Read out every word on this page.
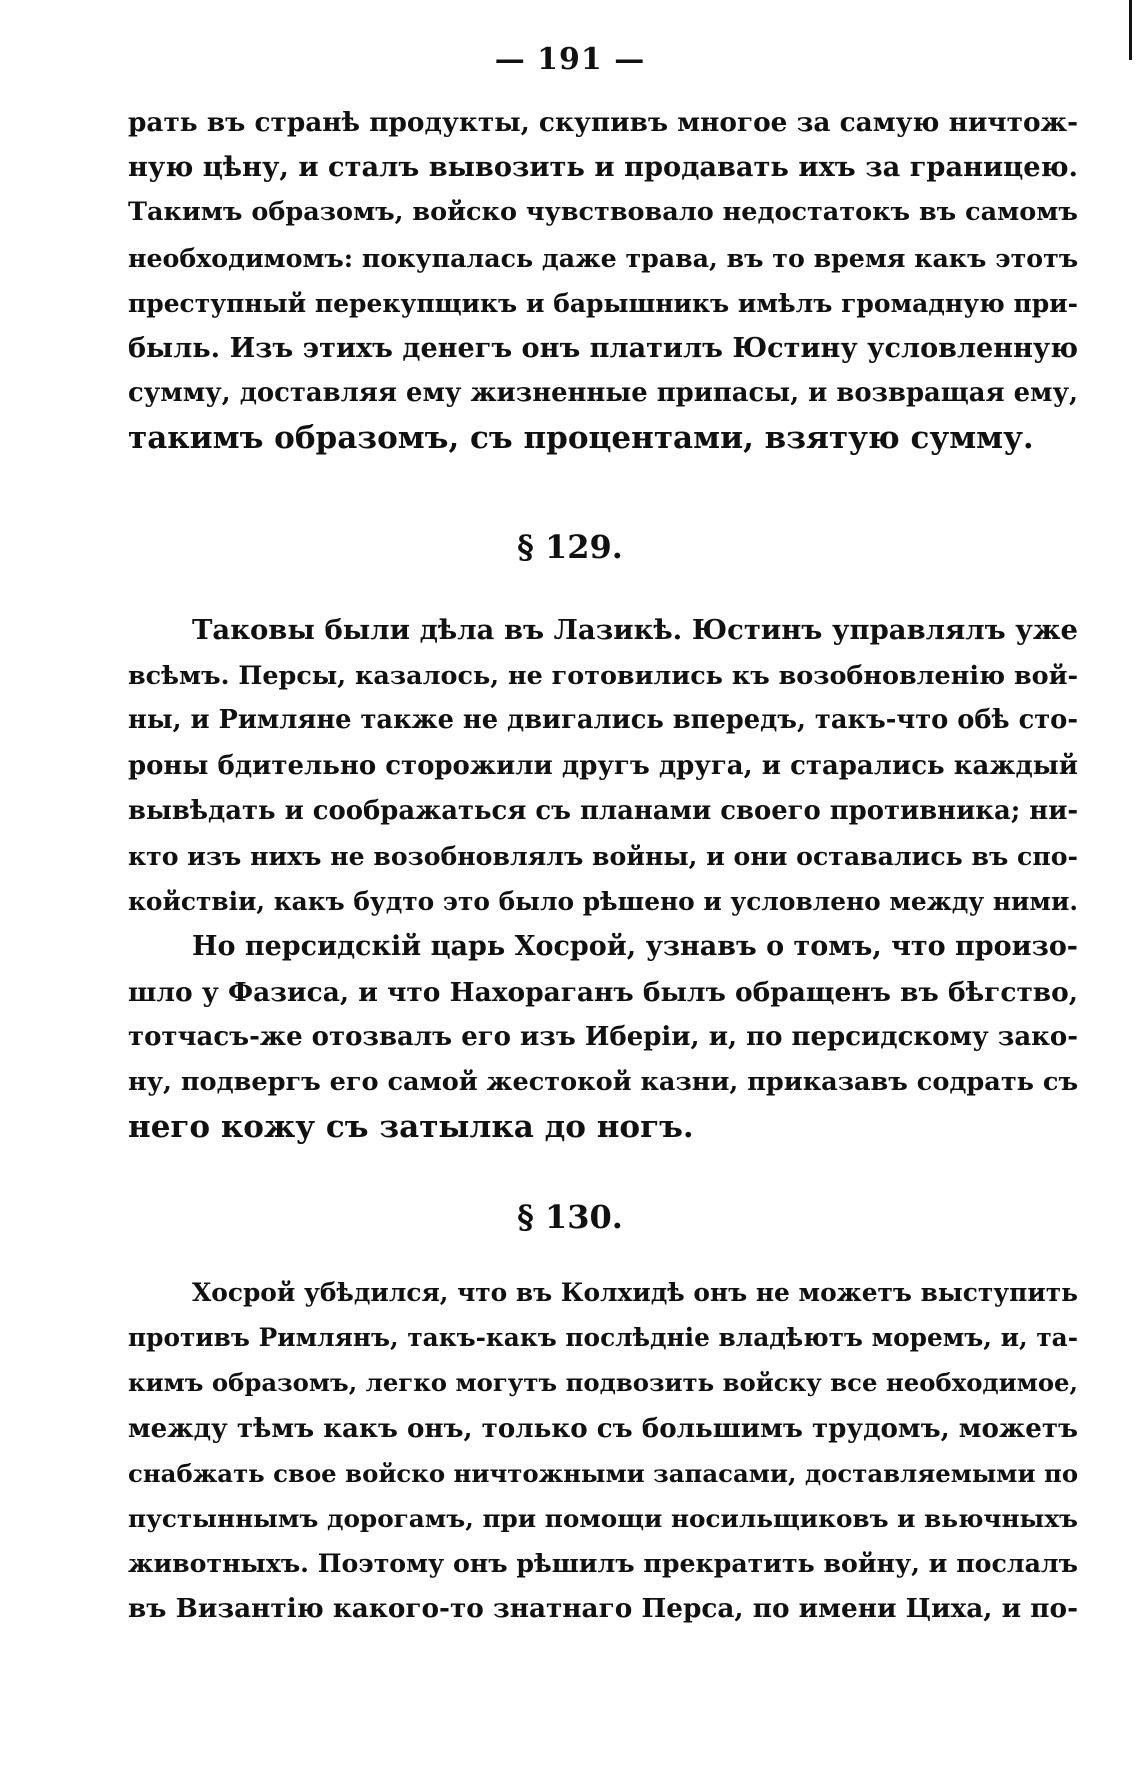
— 191 —
рать въ странѣ продукты, скупивъ многое за самую ничтож-
ную цѣну, и сталъ вывозить и продавать ихъ за границею.
Такимъ образомъ, войско чувствовало недостатокъ въ самомъ
необходимомъ: покупалась даже трава, въ то время какъ этотъ
преступный перекупщикъ и барышникъ имѣлъ громадную при-
быль. Изъ этихъ денегъ онъ платилъ Юстину условленную
сумму, доставляя ему жизненные припасы, и возвращая ему,
такимъ образомъ, съ процентами, взятую сумму.
§ 129.
Таковы были дѣла въ Лазикѣ. Юстинъ управлялъ уже
всѣмъ. Персы, казалось, не готовились къ возобновленію вой-
ны, и Римляне также не двигались впередъ, такъ-что обѣ сто-
роны бдительно сторожили другъ друга, и старались каждый
вывѣдать и соображаться съ планами своего противника; ни-
кто изъ нихъ не возобновлялъ войны, и они оставались въ спо-
койствіи, какъ будто это было рѣшено и условлено между ними.
Но персидскій царь Хосрой, узнавъ о томъ, что произо-
шло у Фазиса, и что Нахораганъ былъ обращенъ въ бѣгство,
тотчасъ-же отозвалъ его изъ Иберіи, и, по персидскому зако-
ну, подвергъ его самой жестокой казни, приказавъ содрать съ
него кожу съ затылка до ногъ.
§ 130.
Хосрой убѣдился, что въ Колхидѣ онъ не можетъ выступить
противъ Римлянъ, такъ-какъ послѣдніе владѣютъ моремъ, и, та-
кимъ образомъ, легко могутъ подвозить войску все необходимое,
между тѣмъ какъ онъ, только съ большимъ трудомъ, можетъ
снабжать свое войско ничтожными запасами, доставляемыми по
пустыннымъ дорогамъ, при помощи носильщиковъ и вьючныхъ
животныхъ. Поэтому онъ рѣшилъ прекратить войну, и послалъ
въ Византію какого-то знатнаго Перса, по имени Циха, и по-
